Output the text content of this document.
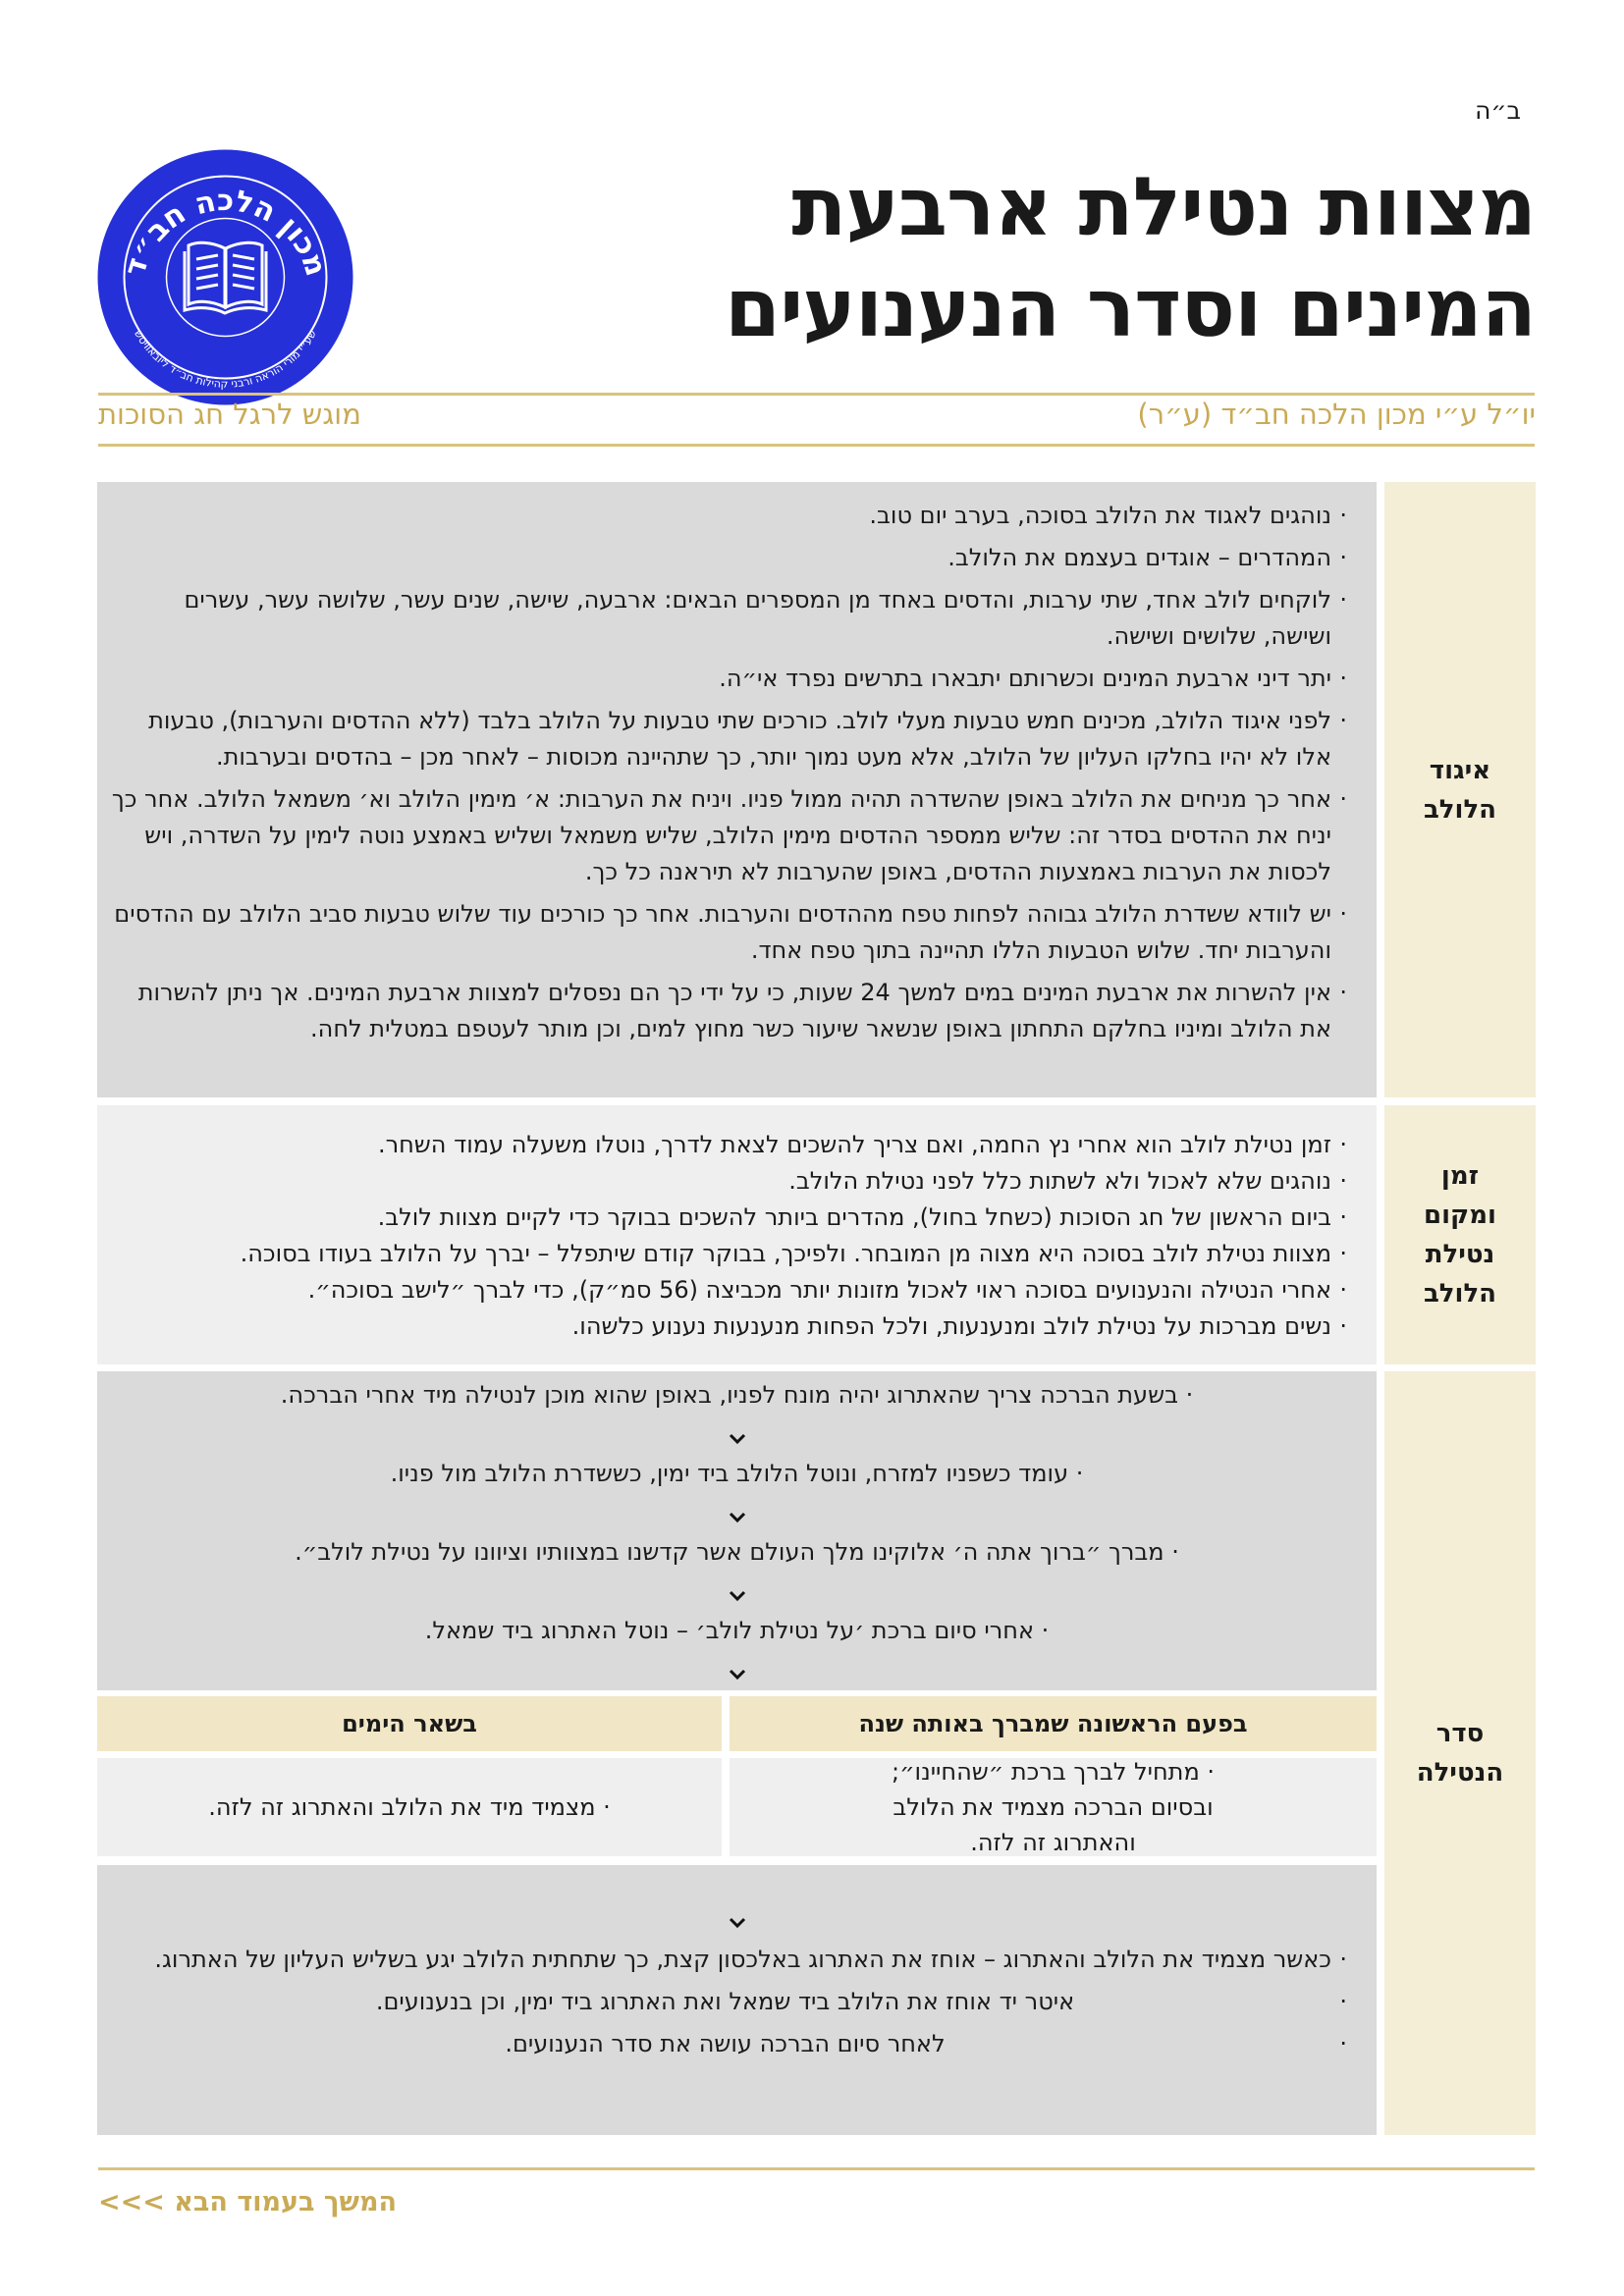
ב״ה
מכון הלכה חב״ד
שע״י מורי הוראה ורבני קהילות חב״ד ליובאוויטש
מצוות נטילת ארבעת
המינים וסדר הנענועים
יו״ל ע״י מכון הלכה חב״ד (ע״ר)
מוגש לרגל חג הסוכות
איגוד הלולב
· נוהגים לאגוד את הלולב בסוכה, בערב יום טוב.
· המהדרים – אוגדים בעצמם את הלולב.
· לוקחים לולב אחד, שתי ערבות, והדסים באחד מן המספרים הבאים: ארבעה, שישה, שנים עשר, שלושה עשר, עשרים ושישה, שלושים ושישה.
· יתר דיני ארבעת המינים וכשרותם יתבארו בתרשים נפרד אי״ה.
· לפני איגוד הלולב, מכינים חמש טבעות מעלי לולב. כורכים שתי טבעות על הלולב בלבד (ללא ההדסים והערבות), טבעות אלו לא יהיו בחלקו העליון של הלולב, אלא מעט נמוך יותר, כך שתהיינה מכוסות – לאחר מכן – בהדסים ובערבות.
· אחר כך מניחים את הלולב באופן שהשדרה תהיה ממול פניו. ויניח את הערבות: א׳ מימין הלולב וא׳ משמאל הלולב. אחר כך יניח את ההדסים בסדר זה: שליש ממספר ההדסים מימין הלולב, שליש משמאל ושליש באמצע נוטה לימין על השדרה, ויש לכסות את הערבות באמצעות ההדסים, באופן שהערבות לא תיראנה כל כך.
· יש לוודא ששדרת הלולב גבוהה לפחות טפח מההדסים והערבות. אחר כך כורכים עוד שלוש טבעות סביב הלולב עם ההדסים והערבות יחד. שלוש הטבעות הללו תהיינה בתוך טפח אחד.
· אין להשרות את ארבעת המינים במים למשך 24 שעות, כי על ידי כך הם נפסלים למצוות ארבעת המינים. אך ניתן להשרות את הלולב ומיניו בחלקם התחתון באופן שנשאר שיעור כשר מחוץ למים, וכן מותר לעטפם במטלית לחה.
זמן ומקום נטילת הלולב
· זמן נטילת לולב הוא אחרי נץ החמה, ואם צריך להשכים לצאת לדרך, נוטלו משעלה עמוד השחר.
· נוהגים שלא לאכול ולא לשתות כלל לפני נטילת הלולב.
· ביום הראשון של חג הסוכות (כשחל בחול), מהדרים ביותר להשכים בבוקר כדי לקיים מצוות לולב.
· מצוות נטילת לולב בסוכה היא מצוה מן המובחר. ולפיכך, בבוקר קודם שיתפלל – יברך על הלולב בעודו בסוכה.
· אחרי הנטילה והנענועים בסוכה ראוי לאכול מזונות יותר מכביצה (56 סמ״ק), כדי לברך ״לישב בסוכה״.
· נשים מברכות על נטילת לולב ומנענעות, ולכל הפחות מנענעות נענוע כלשהו.
סדר הנטילה
· בשעת הברכה צריך שהאתרוג יהיה מונח לפניו, באופן שהוא מוכן לנטילה מיד אחרי הברכה.
· עומד כשפניו למזרח, ונוטל הלולב ביד ימין, כששדרת הלולב מול פניו.
· מברך ״ברוך אתה ה׳ אלוקינו מלך העולם אשר קדשנו במצוותיו וציוונו על נטילת לולב״.
· אחרי סיום ברכת ׳על נטילת לולב׳ – נוטל האתרוג ביד שמאל.
בפעם הראשונה שמברך באותה שנה
בשאר הימים
· מתחיל לברך ברכת ״שהחיינו״; ובסיום הברכה מצמיד את הלולב והאתרוג זה לזה.
· מצמיד מיד את הלולב והאתרוג זה לזה.
· כאשר מצמיד את הלולב והאתרוג – אוחז את האתרוג באלכסון קצת, כך שתחתית הלולב יגע בשליש העליון של האתרוג.
· איטר יד אוחז את הלולב ביד שמאל ואת האתרוג ביד ימין, וכן בנענועים.
· לאחר סיום הברכה עושה את סדר הנענועים.
המשך בעמוד הבא >>>
